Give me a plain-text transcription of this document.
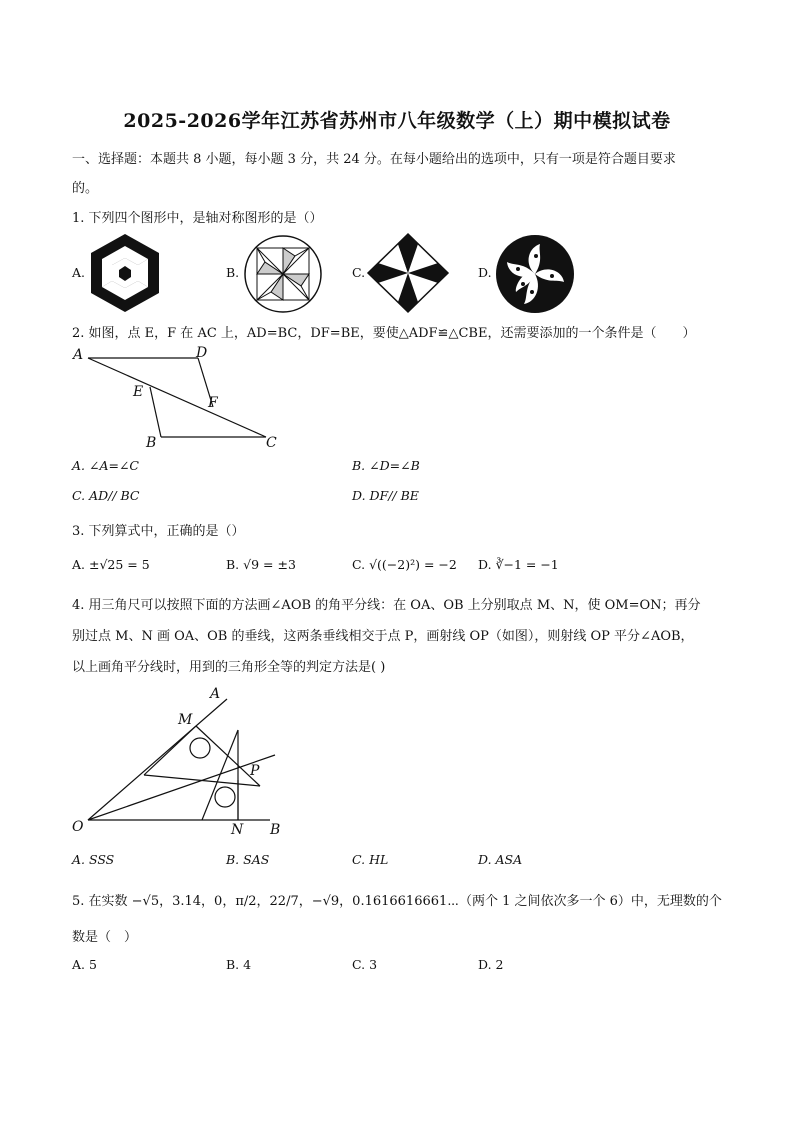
2025-2026学年江苏省苏州市八年级数学（上）期中模拟试卷
一、选择题：本题共 8 小题，每小题 3 分，共 24 分。在每小题给出的选项中，只有一项是符合题目要求
的。
1. 下列四个图形中，是轴对称图形的是（）
A.	B.	C.	D.
2. 如图，点 E，F 在 AC 上，AD=BC，DF=BE，要使△ADF≌△CBE，还需要添加的一个条件是（　　）
A	D
E
F
B	C
A. ∠A=∠C	B. ∠D=∠B
C. AD// BC	D. DF// BE
3. 下列算式中，正确的是（）
A. ±√25 = 5	B. √9 = ±3	C. √((−2)²) = −2 D. ∛−1 = −1
4. 用三角尺可以按照下面的方法画∠AOB 的角平分线：在 OA、OB 上分别取点 M、N，使 OM=ON；再分
别过点 M、N 画 OA、OB 的垂线，这两条垂线相交于点 P，画射线 OP（如图），则射线 OP 平分∠AOB，
以上画角平分线时，用到的三角形全等的判定方法是( )
A
M
P
O	N B
A. SSS	B. SAS	C. HL	D. ASA
5. 在实数 −√5，3.14，0，π/2，22/7，−√9，0.1616616661⋯（两个 1 之间依次多一个 6）中，无理数的个
数是（　）
A. 5	B. 4	C. 3	D. 2
